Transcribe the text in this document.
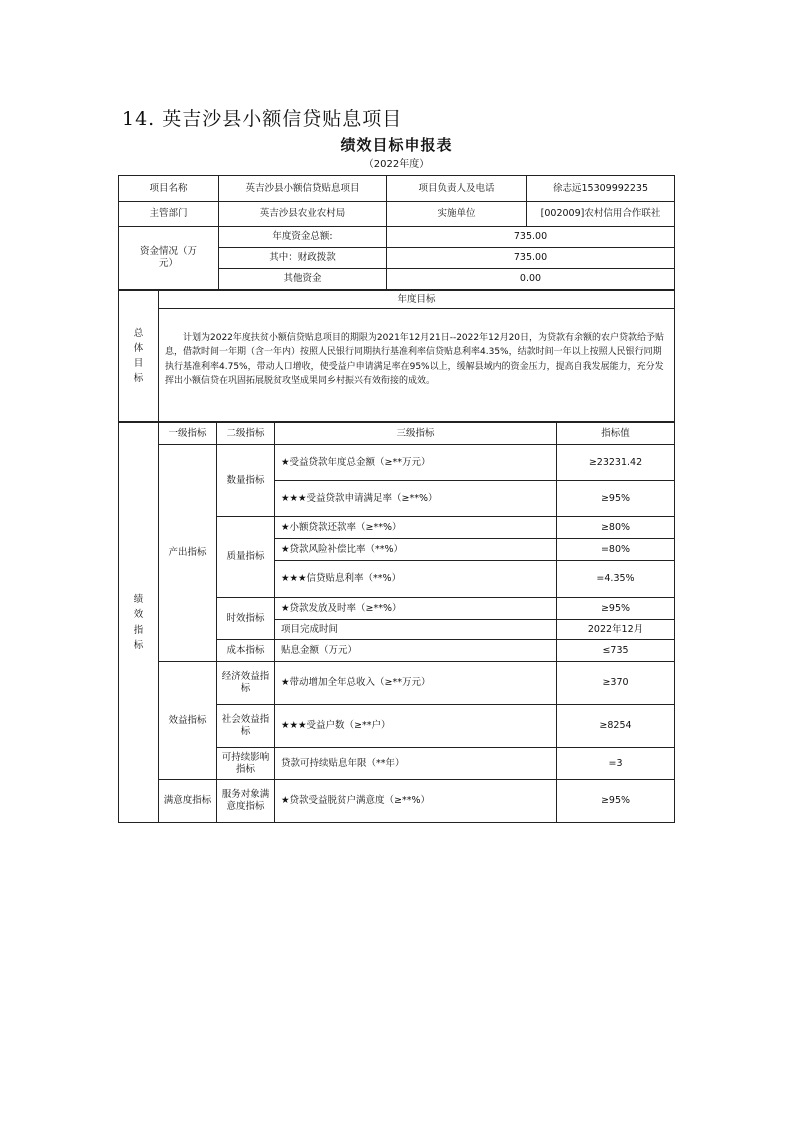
14. 英吉沙县小额信贷贴息项目
绩效目标申报表
（2022年度）
项目名称	英吉沙县小额信贷贴息项目	项目负责人及电话	徐志远15309992235
主管部门	英吉沙县农业农村局	实施单位	[002009]农村信用合作联社
资金情况（万元）	年度资金总额:	735.00	
	其中：财政拨款	735.00	
	其他资金	0.00	
总体目标	年度目标
计划为2022年度扶贫小额信贷贴息项目的期限为2021年12月21日--2022年12月20日，为贷款有余额的农户贷款给予贴息，借款时间一年期（含一年内）按照人民银行同期执行基准利率信贷贴息利率4.35%，结款时间一年以上按照人民银行同期执行基准利率4.75%，带动人口增收，使受益户申请满足率在95%以上，缓解县域内的资金压力，提高自我发展能力，充分发挥出小额信贷在巩固拓展脱贫攻坚成果同乡村振兴有效衔接的成效。
绩效指标	一级指标	二级指标	三级指标	指标值
	产出指标	数量指标	★受益贷款年度总金额（≥**万元）	≥23231.42
			★★★受益贷款申请满足率（≥**%）	≥95%
		质量指标	★小额贷款还款率（≥**%）	≥80%
			★贷款风险补偿比率（**%）	=80%
			★★★信贷贴息利率（**%）	=4.35%
		时效指标	★贷款发放及时率（≥**%）	≥95%
			项目完成时间	2022年12月
		成本指标	贴息金额（万元）	≤735
	效益指标	经济效益指标	★带动增加全年总收入（≥**万元）	≥370
		社会效益指标	★★★受益户数（≥**户）	≥8254
		可持续影响指标	贷款可持续贴息年限（**年）	=3
	满意度指标	服务对象满意度指标	★贷款受益脱贫户满意度（≥**%）	≥95%
